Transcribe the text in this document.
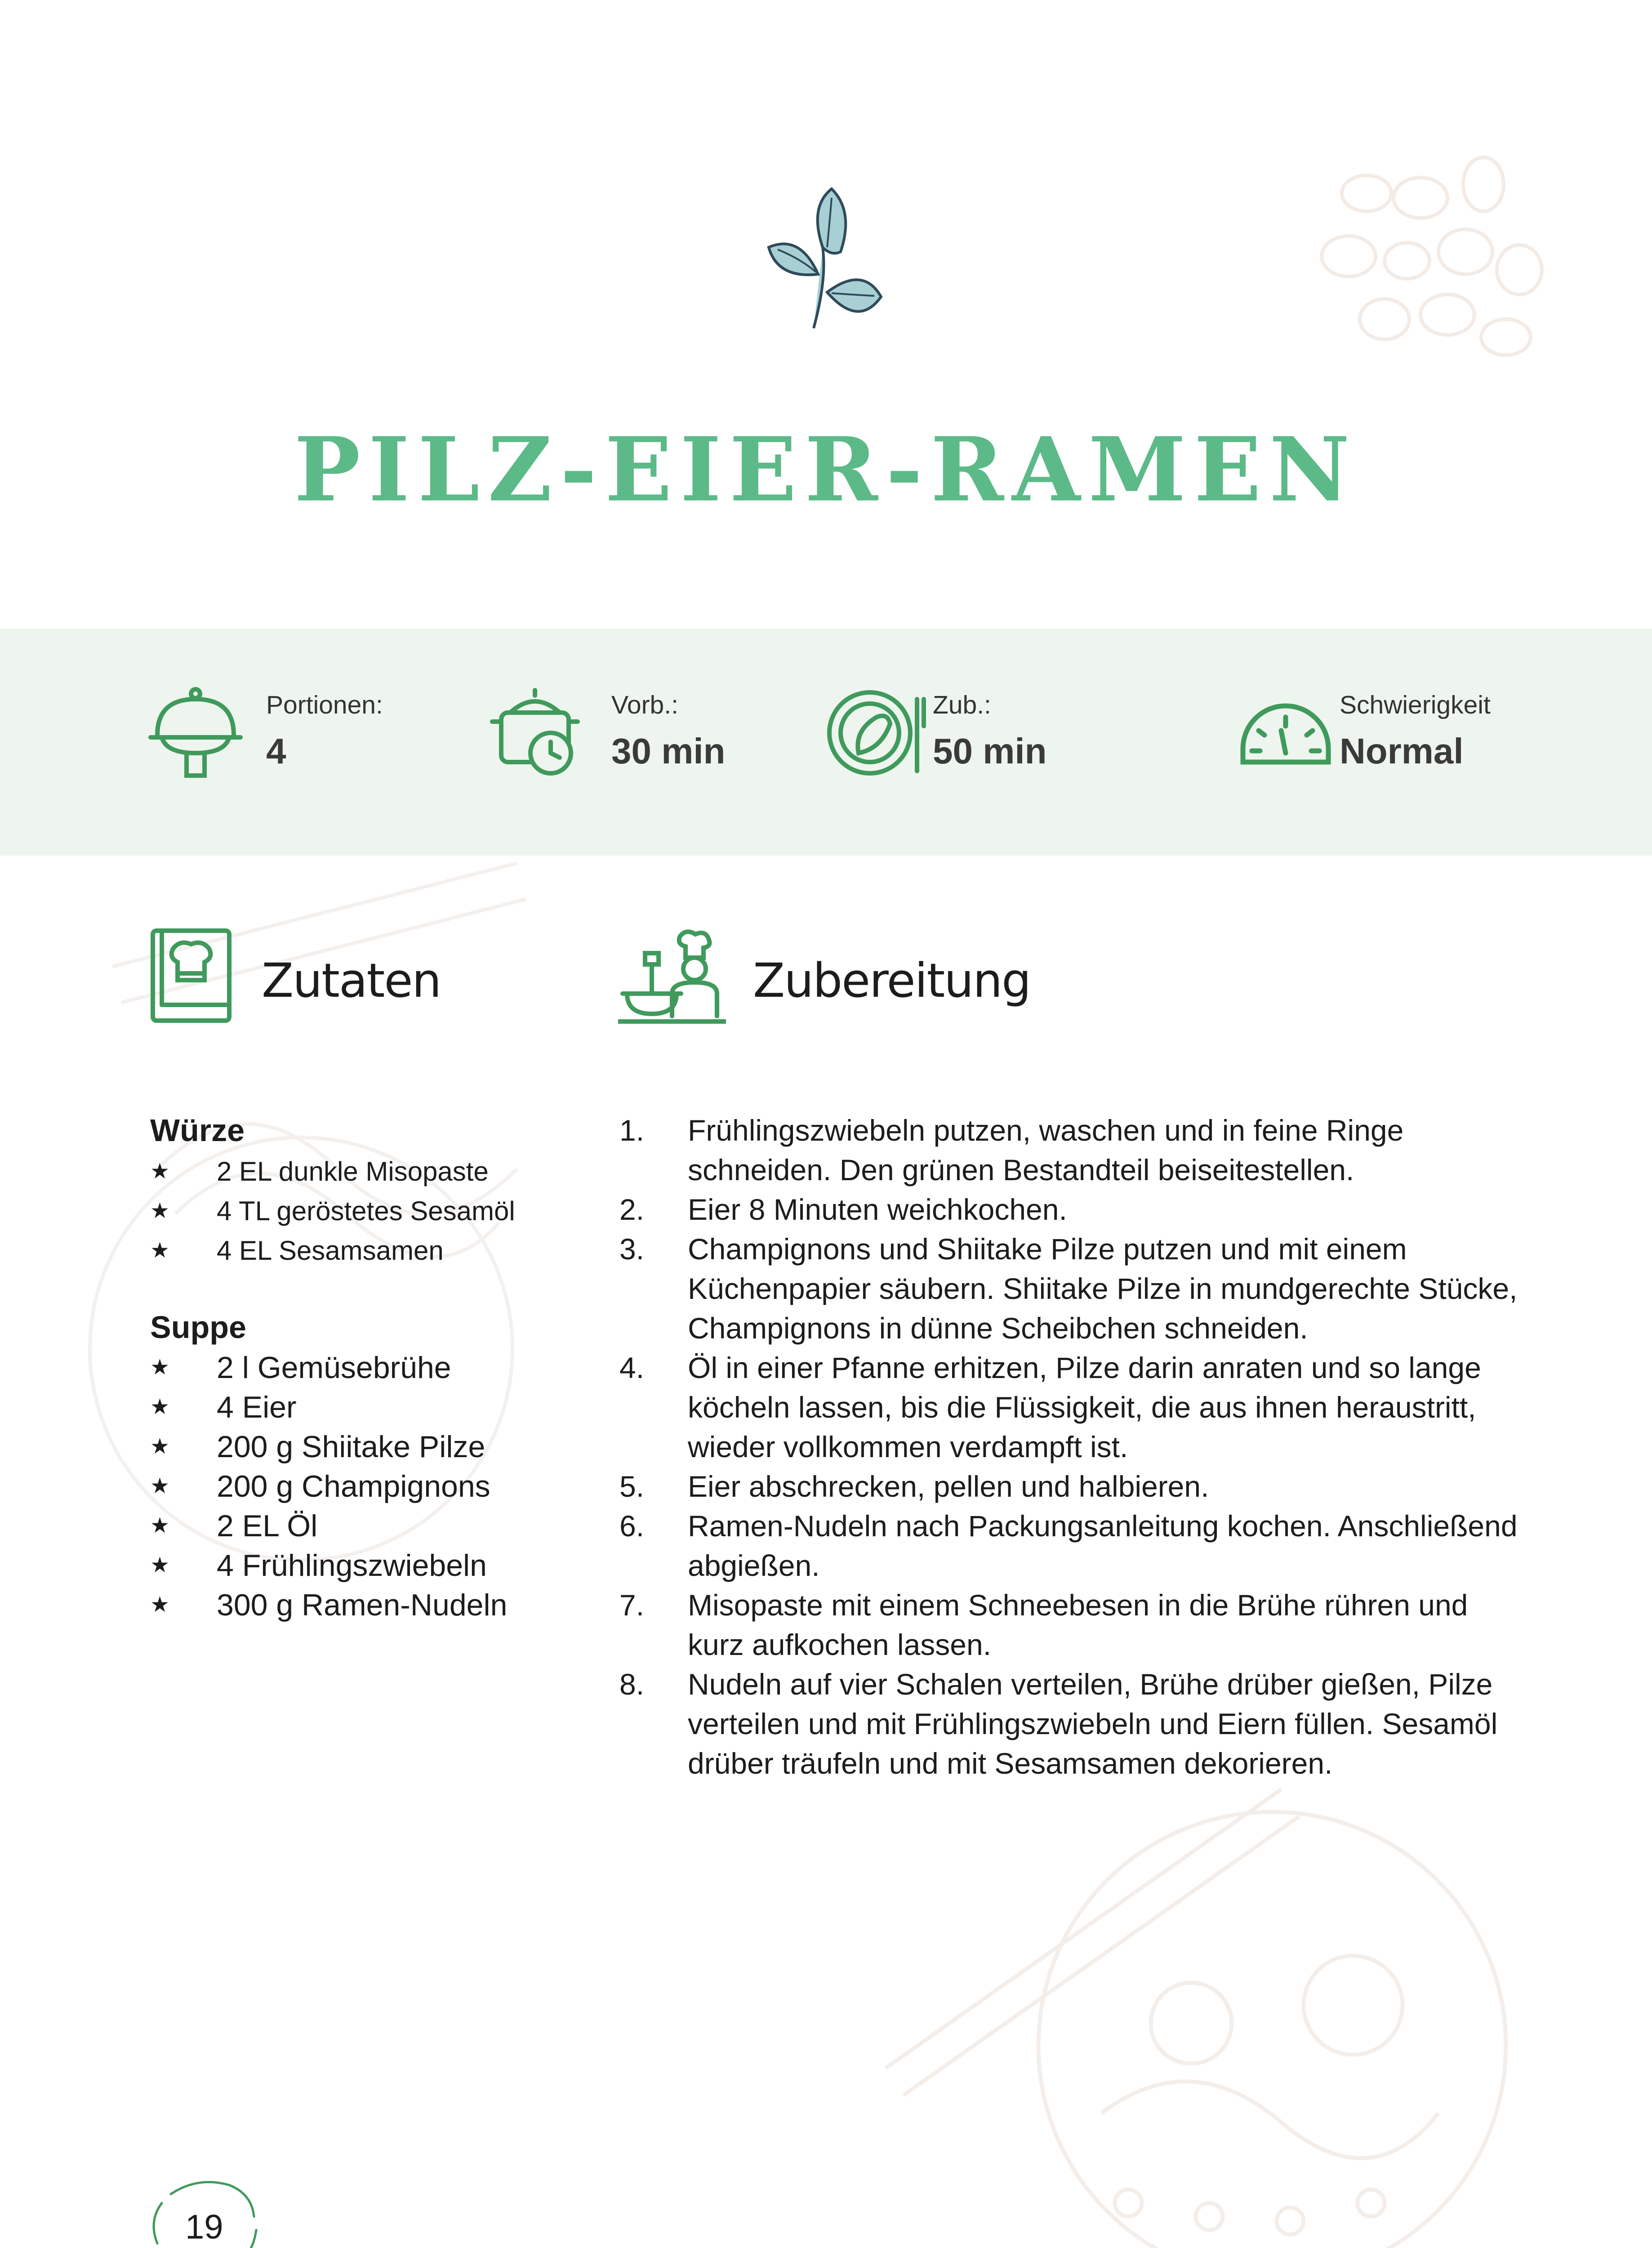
PILZ-EIER-RAMEN
Portionen:
4
Vorb.:
30 min
Zub.:
50 min
Schwierigkeit
Normal
Zutaten	Zubereitung
Würze
★ 2 EL dunkle Misopaste
★ 4 TL geröstetes Sesamöl
★ 4 EL Sesamsamen
Suppe
★ 2 l Gemüsebrühe
★ 4 Eier
★ 200 g Shiitake Pilze
★ 200 g Champignons
★ 2 EL Öl
★ 4 Frühlingszwiebeln
★ 300 g Ramen-Nudeln
1.	Frühlingszwiebeln putzen, waschen und in feine Ringe schneiden. Den grünen Bestandteil beiseitestellen.
2.	Eier 8 Minuten weichkochen.
3.	Champignons und Shiitake Pilze putzen und mit einem Küchenpapier säubern. Shiitake Pilze in mundgerechte Stücke, Champignons in dünne Scheibchen schneiden.
4.	Öl in einer Pfanne erhitzen, Pilze darin anraten und so lange köcheln lassen, bis die Flüssigkeit, die aus ihnen heraustritt, wieder vollkommen verdampft ist.
5.	Eier abschrecken, pellen und halbieren.
6.	Ramen-Nudeln nach Packungsanleitung kochen. Anschließend abgießen.
7.	Misopaste mit einem Schneebesen in die Brühe rühren und kurz aufkochen lassen.
8.	Nudeln auf vier Schalen verteilen, Brühe drüber gießen, Pilze verteilen und mit Frühlingszwiebeln und Eiern füllen. Sesamöl drüber träufeln und mit Sesamsamen dekorieren.
19
